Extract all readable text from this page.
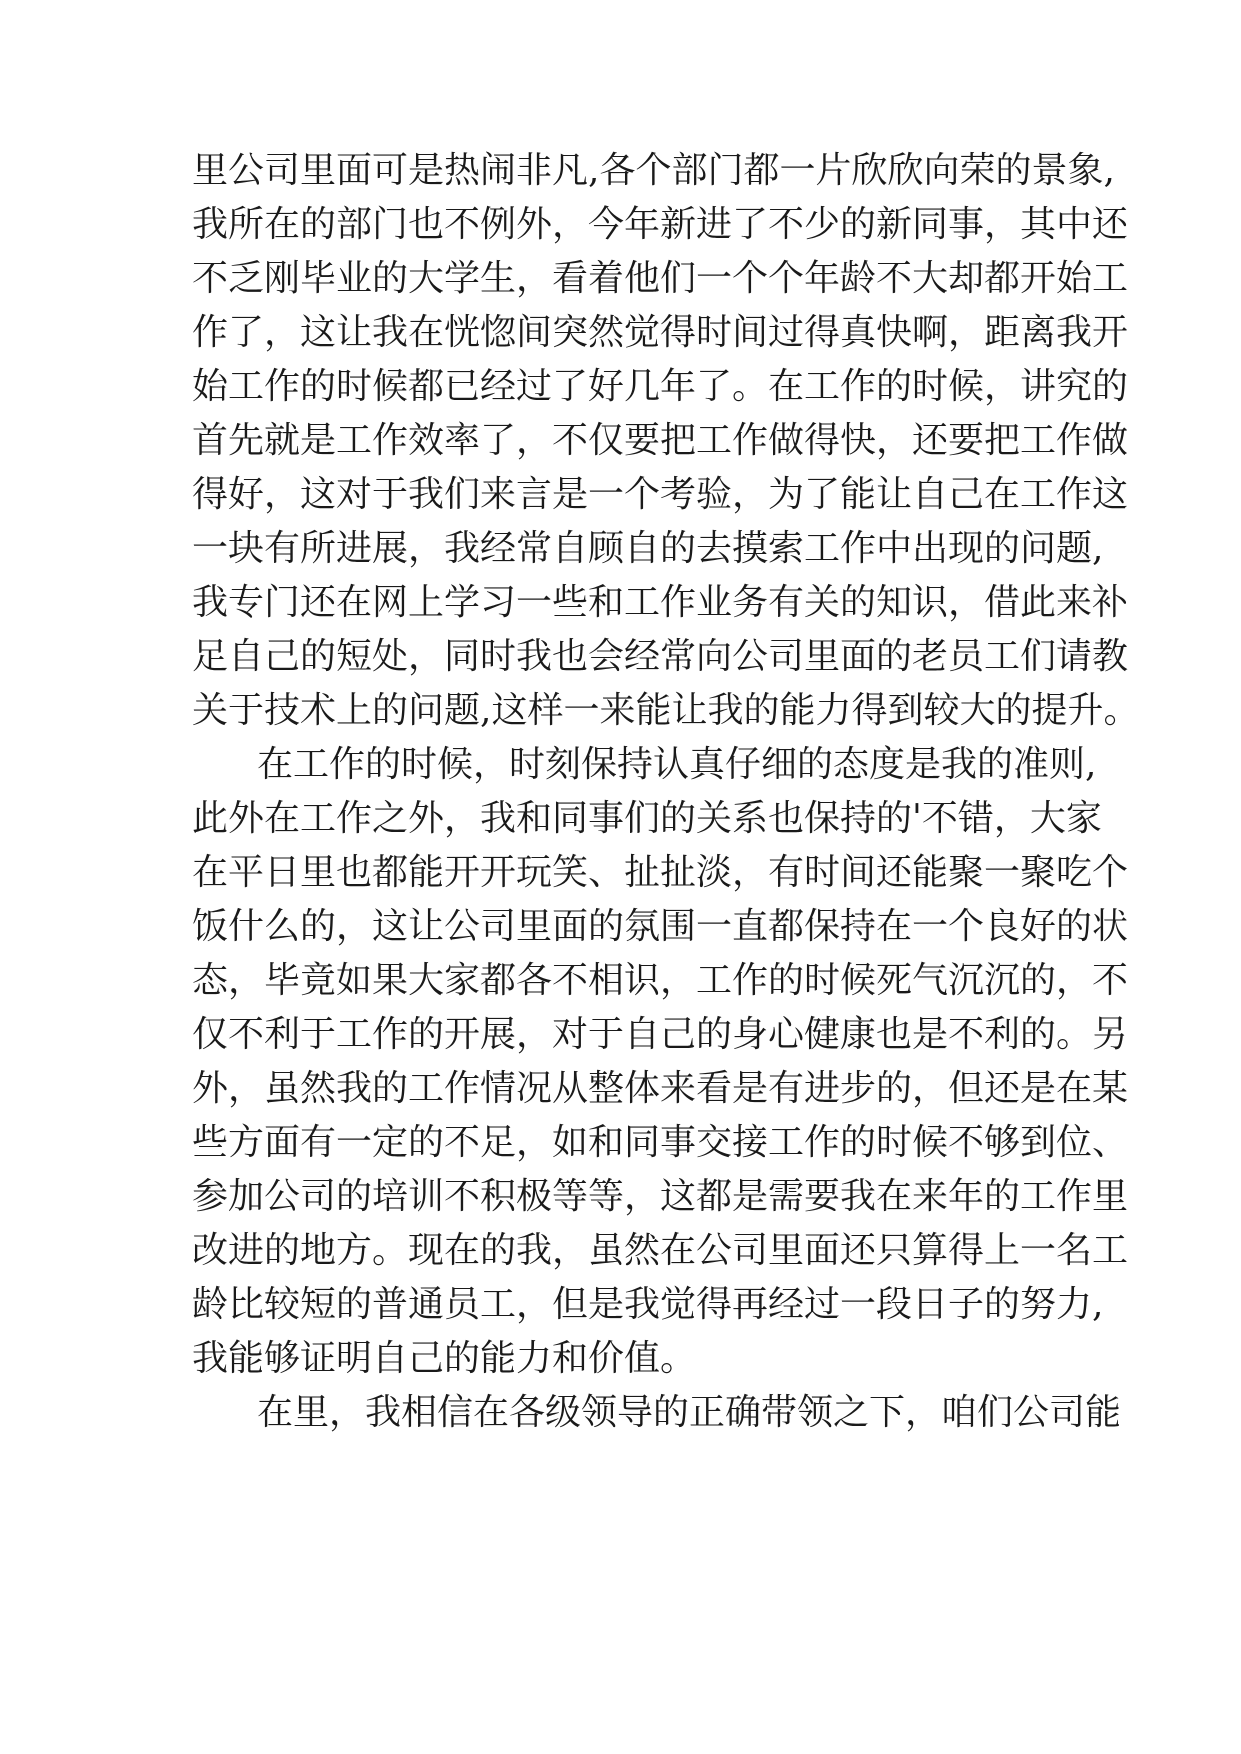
里公司里面可是热闹非凡,各个部门都一片欣欣向荣的景象,

我所在的部门也不例外，今年新进了不少的新同事，其中还

不乏刚毕业的大学生，看着他们一个个年龄不大却都开始工

作了，这让我在恍惚间突然觉得时间过得真快啊，距离我开

始工作的时候都已经过了好几年了。在工作的时候，讲究的

首先就是工作效率了，不仅要把工作做得快，还要把工作做

得好，这对于我们来言是一个考验，为了能让自己在工作这

一块有所进展，我经常自顾自的去摸索工作中出现的问题,

我专门还在网上学习一些和工作业务有关的知识，借此来补

足自己的短处，同时我也会经常向公司里面的老员工们请教

关于技术上的问题,这样一来能让我的能力得到较大的提升。

在工作的时候，时刻保持认真仔细的态度是我的准则,

此外在工作之外，我和同事们的关系也保持的'不错，大家

在平日里也都能开开玩笑、扯扯淡，有时间还能聚一聚吃个

饭什么的，这让公司里面的氛围一直都保持在一个良好的状

态，毕竟如果大家都各不相识，工作的时候死气沉沉的，不

仅不利于工作的开展，对于自己的身心健康也是不利的。另

外，虽然我的工作情况从整体来看是有进步的，但还是在某

些方面有一定的不足，如和同事交接工作的时候不够到位、

参加公司的培训不积极等等，这都是需要我在来年的工作里

改进的地方。现在的我，虽然在公司里面还只算得上一名工

龄比较短的普通员工，但是我觉得再经过一段日子的努力,

我能够证明自己的能力和价值。

在里，我相信在各级领导的正确带领之下，咱们公司能
